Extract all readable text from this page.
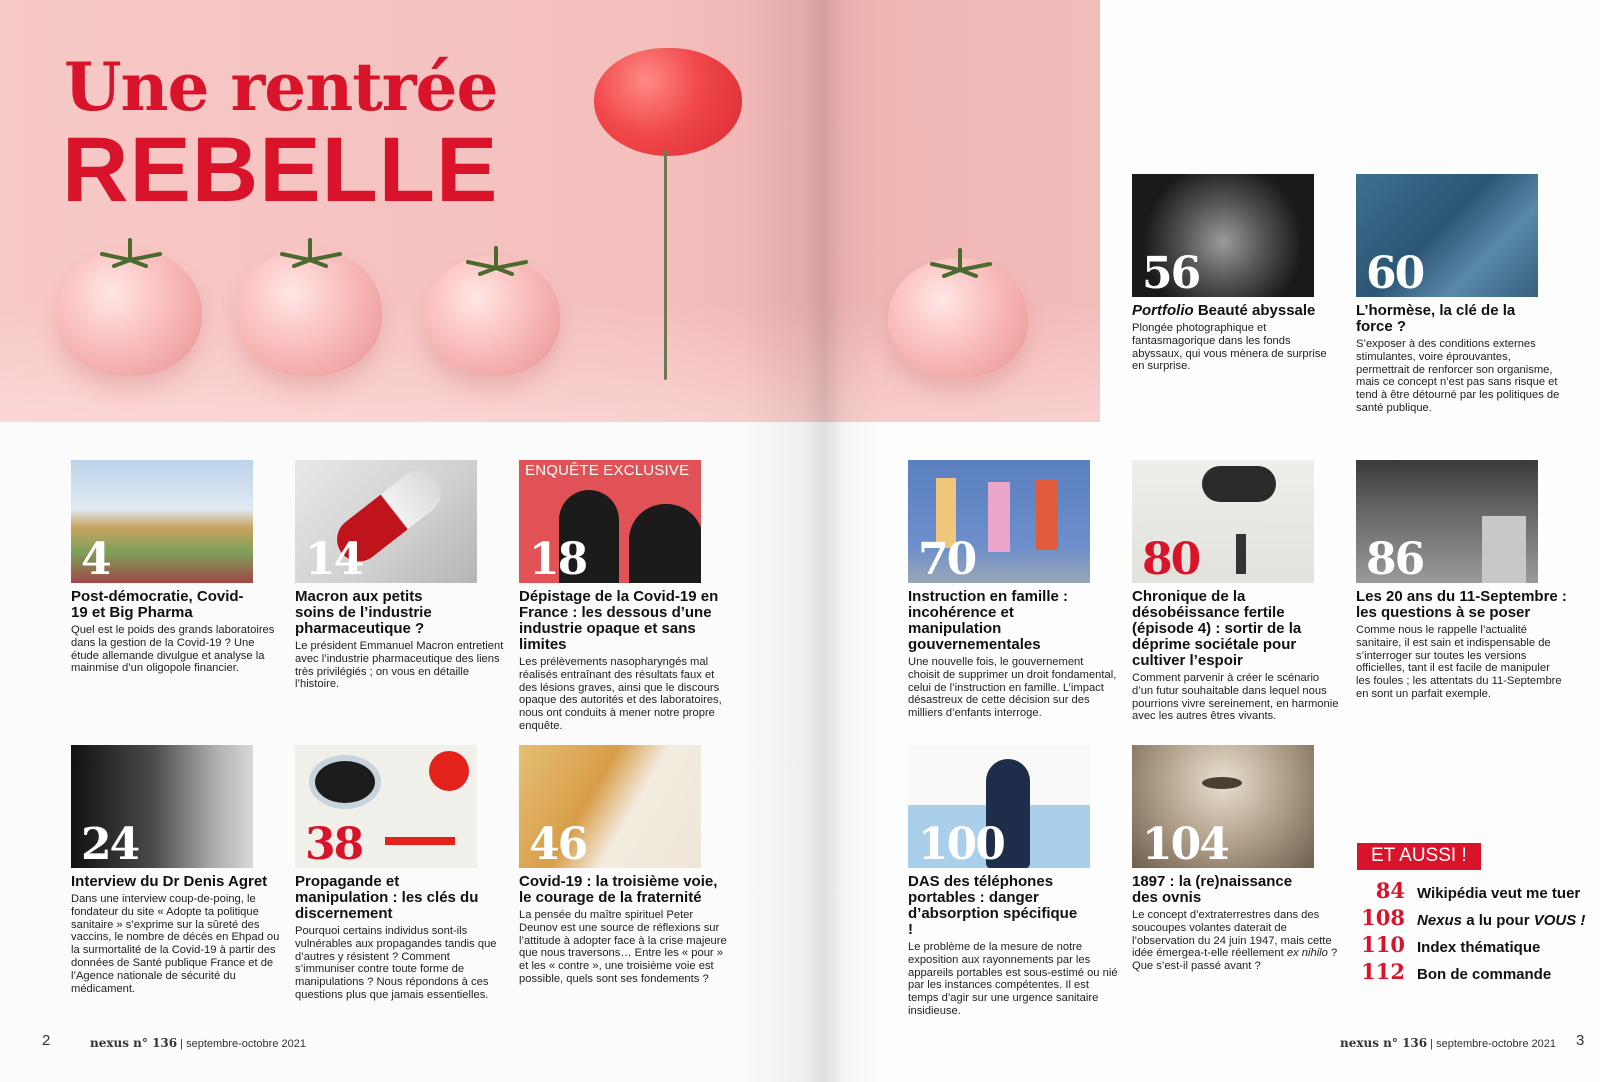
Une rentrée
REBELLE
56
Portfolio Beauté abyssale
Plongée photographique et fantasmagorique dans les fonds abyssaux, qui vous mènera de surprise en surprise.
60
L’hormèse, la clé de la force ?
S’exposer à des conditions externes stimulantes, voire éprouvantes, permettrait de renforcer son organisme, mais ce concept n’est pas sans risque et tend à être détourné par les politiques de santé publique.
4
Post-démocratie, Covid-19 et Big Pharma
Quel est le poids des grands laboratoires dans la gestion de la Covid-19 ? Une étude allemande divulgue et analyse la mainmise d’un oligopole financier.
14
Macron aux petits soins de l’industrie pharmaceutique ?
Le président Emmanuel Macron entretient avec l’industrie pharmaceutique des liens très privilégiés ; on vous en détaille l’histoire.
ENQUÊTE EXCLUSIVE
18
Dépistage de la Covid-19 en France : les dessous d’une industrie opaque et sans limites
Les prélèvements nasopharyngés mal réalisés entraînant des résultats faux et des lésions graves, ainsi que le discours opaque des autorités et des laboratoires, nous ont conduits à mener notre propre enquête.
70
Instruction en famille : incohérence et manipulation gouvernementales
Une nouvelle fois, le gouvernement choisit de supprimer un droit fondamental, celui de l’instruction en famille. L’impact désastreux de cette décision sur des milliers d’enfants interroge.
80
Chronique de la désobéissance fertile (épisode 4) : sortir de la déprime sociétale pour cultiver l’espoir
Comment parvenir à créer le scénario d’un futur souhaitable dans lequel nous pourrions vivre sereinement, en harmonie avec les autres êtres vivants.
86
Les 20 ans du 11-Septembre : les questions à se poser
Comme nous le rappelle l’actualité sanitaire, il est sain et indispensable de s’interroger sur toutes les versions officielles, tant il est facile de manipuler les foules ; les attentats du 11-Septembre en sont un parfait exemple.
24
Interview du Dr Denis Agret
Dans une interview coup-de-poing, le fondateur du site « Adopte ta politique sanitaire » s’exprime sur la sûreté des vaccins, le nombre de décès en Ehpad ou la surmortalité de la Covid-19 à partir des données de Santé publique France et de l’Agence nationale de sécurité du médicament.
38
Propagande et manipulation : les clés du discernement
Pourquoi certains individus sont-ils vulnérables aux propagandes tandis que d’autres y résistent ? Comment s’immuniser contre toute forme de manipulations ? Nous répondons à ces questions plus que jamais essentielles.
46
Covid-19 : la troisième voie, le courage de la fraternité
La pensée du maître spirituel Peter Deunov est une source de réflexions sur l’attitude à adopter face à la crise majeure que nous traversons… Entre les « pour » et les « contre », une troisième voie est possible, quels sont ses fondements ?
100
DAS des téléphones portables : danger d’absorption spécifique !
Le problème de la mesure de notre exposition aux rayonnements par les appareils portables est sous-estimé ou nié par les instances compétentes. Il est temps d’agir sur une urgence sanitaire insidieuse.
104
1897 : la (re)naissance des ovnis
Le concept d’extraterrestres dans des soucoupes volantes daterait de l’observation du 24 juin 1947, mais cette idée émergea-t-elle réellement ex nihilo ? Que s’est-il passé avant ?
ET AUSSI !
84 Wikipédia veut me tuer
108 Nexus a lu pour VOUS !
110 Index thématique
112 Bon de commande
2	nexus n° 136 | septembre-octobre 2021	nexus n° 136 | septembre-octobre 2021 3
